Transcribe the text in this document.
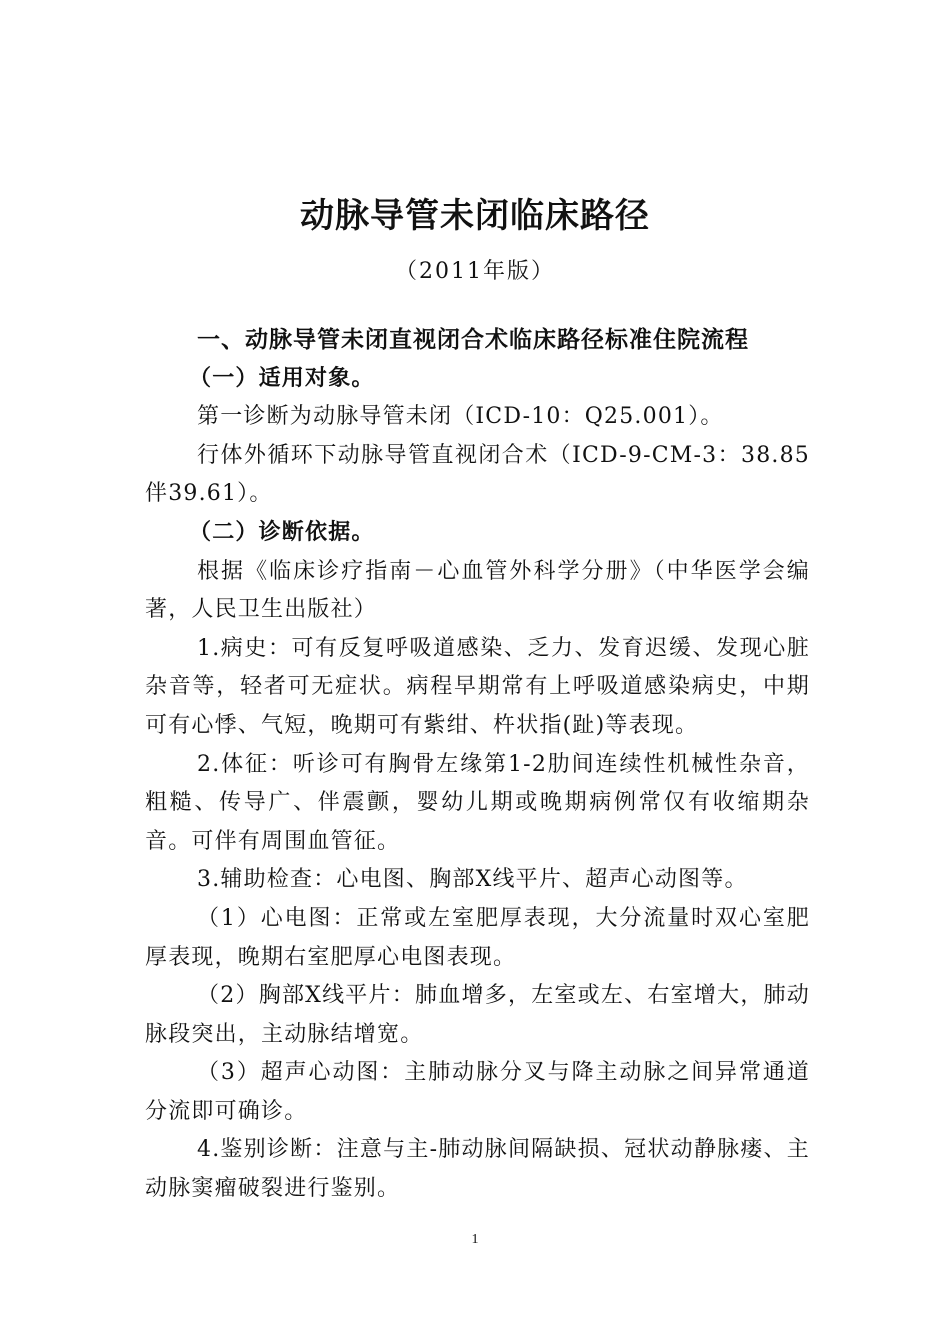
动脉导管未闭临床路径
（2011年版）

一、动脉导管未闭直视闭合术临床路径标准住院流程

（一）适用对象。

第一诊断为动脉导管未闭（ICD-10：Q25.001）。

行体外循环下动脉导管直视闭合术（ICD-9-CM-3：38.85伴39.61）。

（二）诊断依据。

根据《临床诊疗指南－心血管外科学分册》（中华医学会编著，人民卫生出版社）

1.病史：可有反复呼吸道感染、乏力、发育迟缓、发现心脏杂音等，轻者可无症状。病程早期常有上呼吸道感染病史，中期可有心悸、气短，晚期可有紫绀、杵状指(趾)等表现。

2.体征：听诊可有胸骨左缘第1-2肋间连续性机械性杂音，粗糙、传导广、伴震颤，婴幼儿期或晚期病例常仅有收缩期杂音。可伴有周围血管征。

3.辅助检查：心电图、胸部X线平片、超声心动图等。

（1）心电图：正常或左室肥厚表现，大分流量时双心室肥厚表现，晚期右室肥厚心电图表现。

（2）胸部X线平片：肺血增多，左室或左、右室增大，肺动脉段突出，主动脉结增宽。

（3）超声心动图：主肺动脉分叉与降主动脉之间异常通道分流即可确诊。

4.鉴别诊断：注意与主-肺动脉间隔缺损、冠状动静脉瘘、主动脉窦瘤破裂进行鉴别。

1
